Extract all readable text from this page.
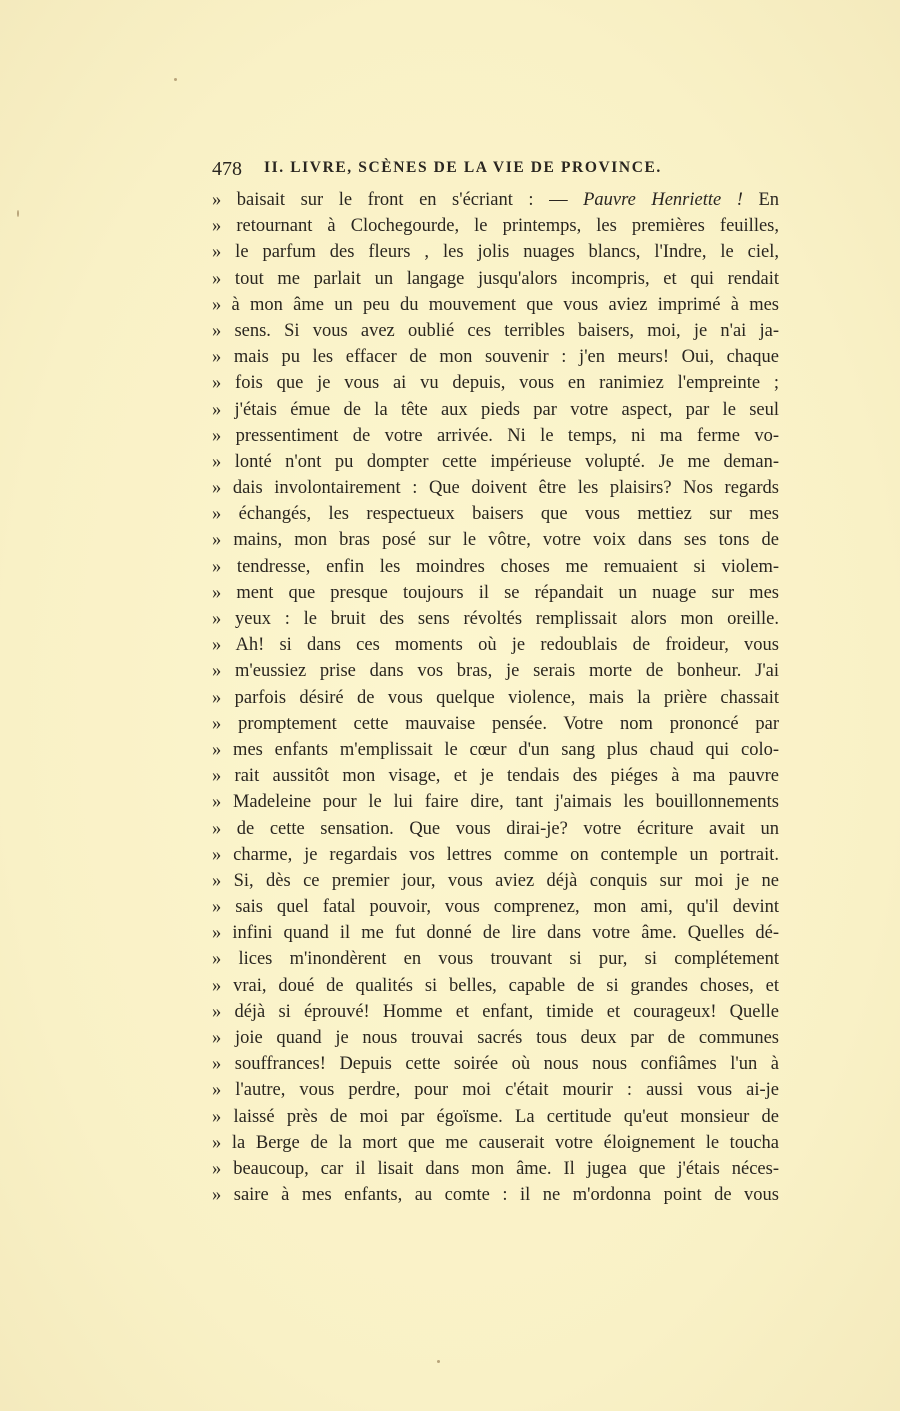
478 II. LIVRE, SCÈNES DE LA VIE DE PROVINCE.
» baisait sur le front en s'écriant : — Pauvre Henriette ! En
» retournant à Clochegourde, le printemps, les premières feuilles,
» le parfum des fleurs , les jolis nuages blancs, l'Indre, le ciel,
» tout me parlait un langage jusqu'alors incompris, et qui rendait
» à mon âme un peu du mouvement que vous aviez imprimé à mes
» sens. Si vous avez oublié ces terribles baisers, moi, je n'ai ja-
» mais pu les effacer de mon souvenir : j'en meurs! Oui, chaque
» fois que je vous ai vu depuis, vous en ranimiez l'empreinte ;
» j'étais émue de la tête aux pieds par votre aspect, par le seul
» pressentiment de votre arrivée. Ni le temps, ni ma ferme vo-
» lonté n'ont pu dompter cette impérieuse volupté. Je me deman-
» dais involontairement : Que doivent être les plaisirs? Nos regards
» échangés, les respectueux baisers que vous mettiez sur mes
» mains, mon bras posé sur le vôtre, votre voix dans ses tons de
» tendresse, enfin les moindres choses me remuaient si violem-
» ment que presque toujours il se répandait un nuage sur mes
» yeux : le bruit des sens révoltés remplissait alors mon oreille.
» Ah! si dans ces moments où je redoublais de froideur, vous
» m'eussiez prise dans vos bras, je serais morte de bonheur. J'ai
» parfois désiré de vous quelque violence, mais la prière chassait
» promptement cette mauvaise pensée. Votre nom prononcé par
» mes enfants m'emplissait le cœur d'un sang plus chaud qui colo-
» rait aussitôt mon visage, et je tendais des piéges à ma pauvre
» Madeleine pour le lui faire dire, tant j'aimais les bouillonnements
» de cette sensation. Que vous dirai-je? votre écriture avait un
» charme, je regardais vos lettres comme on contemple un portrait.
» Si, dès ce premier jour, vous aviez déjà conquis sur moi je ne
» sais quel fatal pouvoir, vous comprenez, mon ami, qu'il devint
» infini quand il me fut donné de lire dans votre âme. Quelles dé-
» lices m'inondèrent en vous trouvant si pur, si complétement
» vrai, doué de qualités si belles, capable de si grandes choses, et
» déjà si éprouvé! Homme et enfant, timide et courageux! Quelle
» joie quand je nous trouvai sacrés tous deux par de communes
» souffrances! Depuis cette soirée où nous nous confiâmes l'un à
» l'autre, vous perdre, pour moi c'était mourir : aussi vous ai-je
» laissé près de moi par égoïsme. La certitude qu'eut monsieur de
» la Berge de la mort que me causerait votre éloignement le toucha
» beaucoup, car il lisait dans mon âme. Il jugea que j'étais néces-
» saire à mes enfants, au comte : il ne m'ordonna point de vous
